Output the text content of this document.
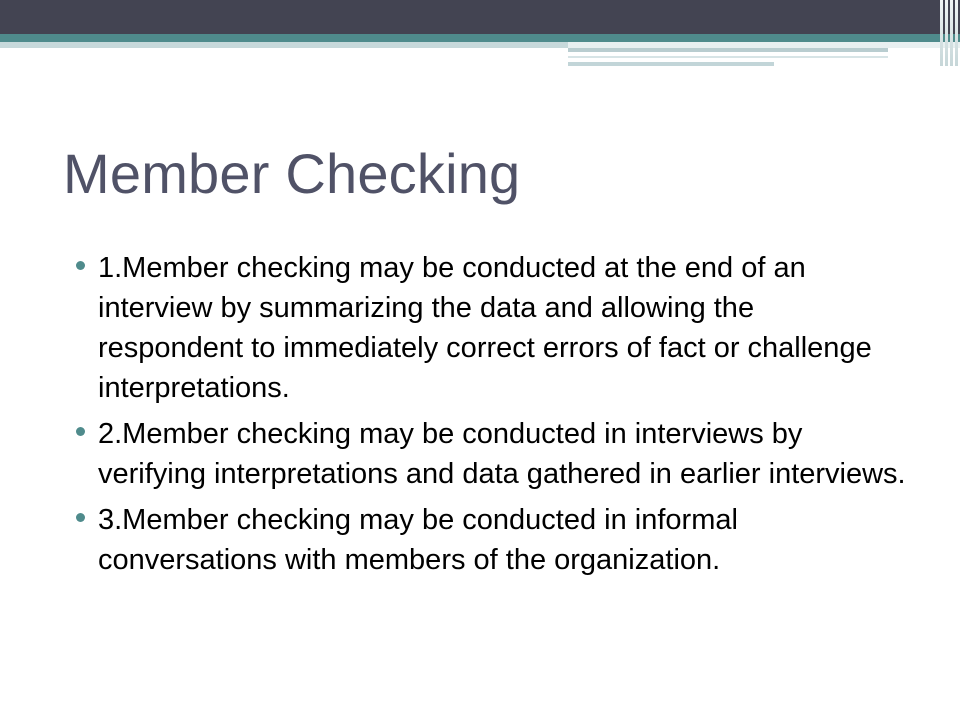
Member Checking
1.Member checking may be conducted at the end of an interview by summarizing the data and allowing the respondent to immediately correct errors of fact or challenge interpretations.
2.Member checking may be conducted in interviews by verifying interpretations and data gathered in earlier interviews.
3.Member checking may be conducted in informal conversations with members of the organization.
